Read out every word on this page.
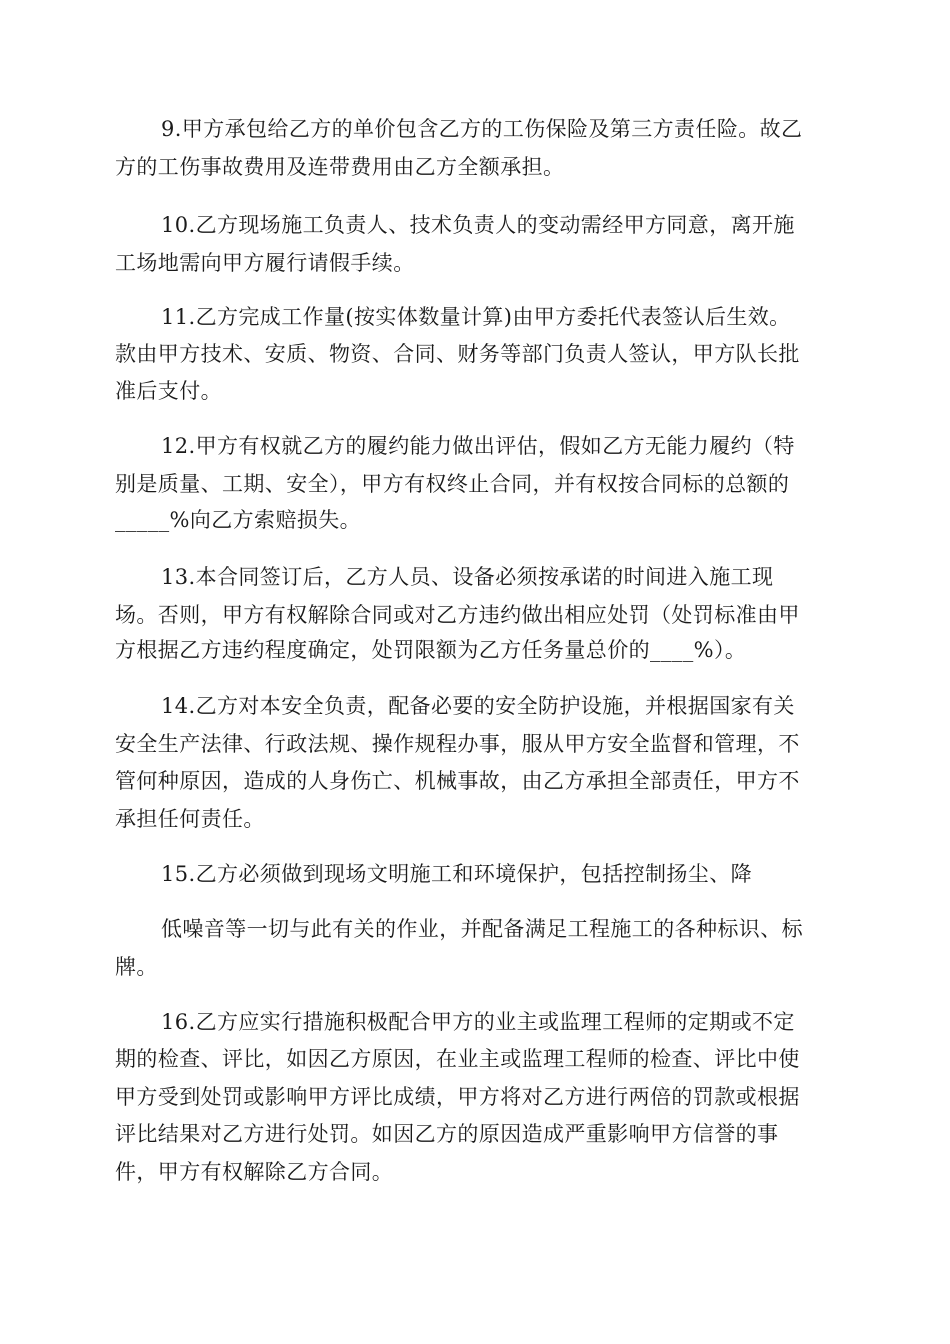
9.甲方承包给乙方的单价包含乙方的工伤保险及第三方责任险。故乙
方的工伤事故费用及连带费用由乙方全额承担。
10.乙方现场施工负责人、技术负责人的变动需经甲方同意，离开施
工场地需向甲方履行请假手续。
11.乙方完成工作量(按实体数量计算)由甲方委托代表签认后生效。
款由甲方技术、安质、物资、合同、财务等部门负责人签认，甲方队长批
准后支付。
12.甲方有权就乙方的履约能力做出评估，假如乙方无能力履约（特
别是质量、工期、安全），甲方有权终止合同，并有权按合同标的总额的
_____%向乙方索赔损失。
13.本合同签订后，乙方人员、设备必须按承诺的时间进入施工现
场。否则，甲方有权解除合同或对乙方违约做出相应处罚（处罚标准由甲
方根据乙方违约程度确定，处罚限额为乙方任务量总价的____%）。
14.乙方对本安全负责，配备必要的安全防护设施，并根据国家有关
安全生产法律、行政法规、操作规程办事，服从甲方安全监督和管理，不
管何种原因，造成的人身伤亡、机械事故，由乙方承担全部责任，甲方不
承担任何责任。
15.乙方必须做到现场文明施工和环境保护，包括控制扬尘、降
低噪音等一切与此有关的作业，并配备满足工程施工的各种标识、标
牌。
16.乙方应实行措施积极配合甲方的业主或监理工程师的定期或不定
期的检查、评比，如因乙方原因，在业主或监理工程师的检查、评比中使
甲方受到处罚或影响甲方评比成绩，甲方将对乙方进行两倍的罚款或根据
评比结果对乙方进行处罚。如因乙方的原因造成严重影响甲方信誉的事
件，甲方有权解除乙方合同。
